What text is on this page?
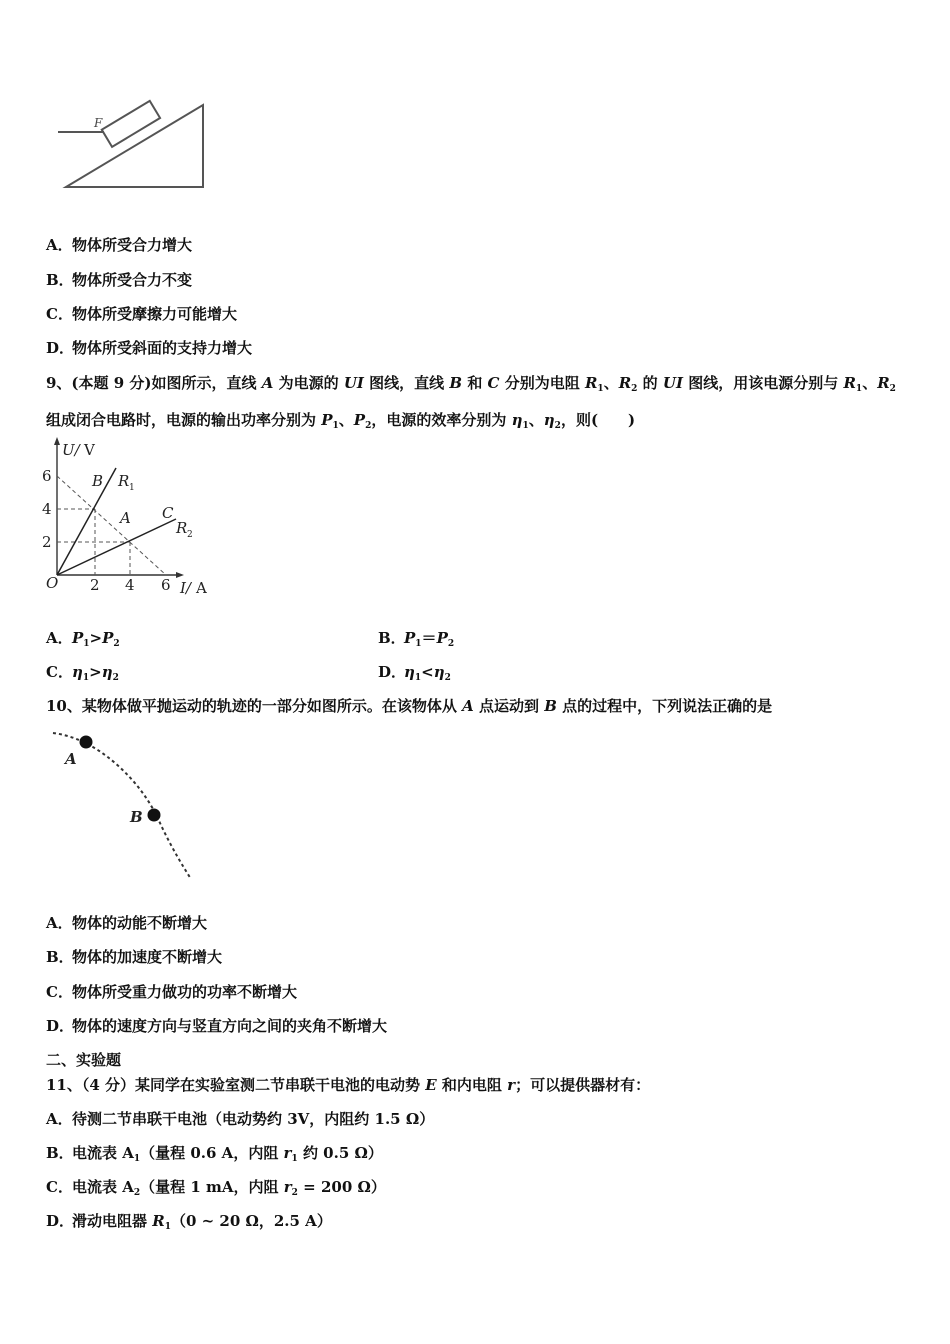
F
A．物体所受合力增大
B．物体所受合力不变
C．物体所受摩擦力可能增大
D．物体所受斜面的支持力增大
9、(本题 9 分)如图所示，直线 A 为电源的 UI 图线，直线 B 和 C 分别为电阻 $R_1$、$R_2$ 的 UI 图线，用该电源分别与 $R_1$、$R_2$
组成闭合电路时，电源的输出功率分别为 $P_1$、$P_2$，电源的效率分别为 $\eta_1$、$\eta_2$，则(　　)
U/ V
6
4
2
O 2 4 6 I/ A
B R 1
A C
R 2
A．$P_1>P_2$	B．$P_1=P_2$
C．$\eta_1>\eta_2$	D．$\eta_1<\eta_2$
10、某物体做平抛运动的轨迹的一部分如图所示。在该物体从 A 点运动到 B 点的过程中，下列说法正确的是
A
B
A．物体的动能不断增大
B．物体的加速度不断增大
C．物体所受重力做功的功率不断增大
D．物体的速度方向与竖直方向之间的夹角不断增大
二、实验题
11、（4 分）某同学在实验室测二节串联干电池的电动势 E 和内电阻 r；可以提供器材有：
A．待测二节串联干电池（电动势约 3V，内阻约 1.5 Ω）
B．电流表 $A_1$（量程 0.6 A，内阻 $r_1$ 约 0.5 Ω）
C．电流表 $A_2$（量程 1 mA，内阻 $r_2 = 200$ Ω）
D．滑动电阻器 $R_1(0$ ~ 20 Ω，2.5 A）
